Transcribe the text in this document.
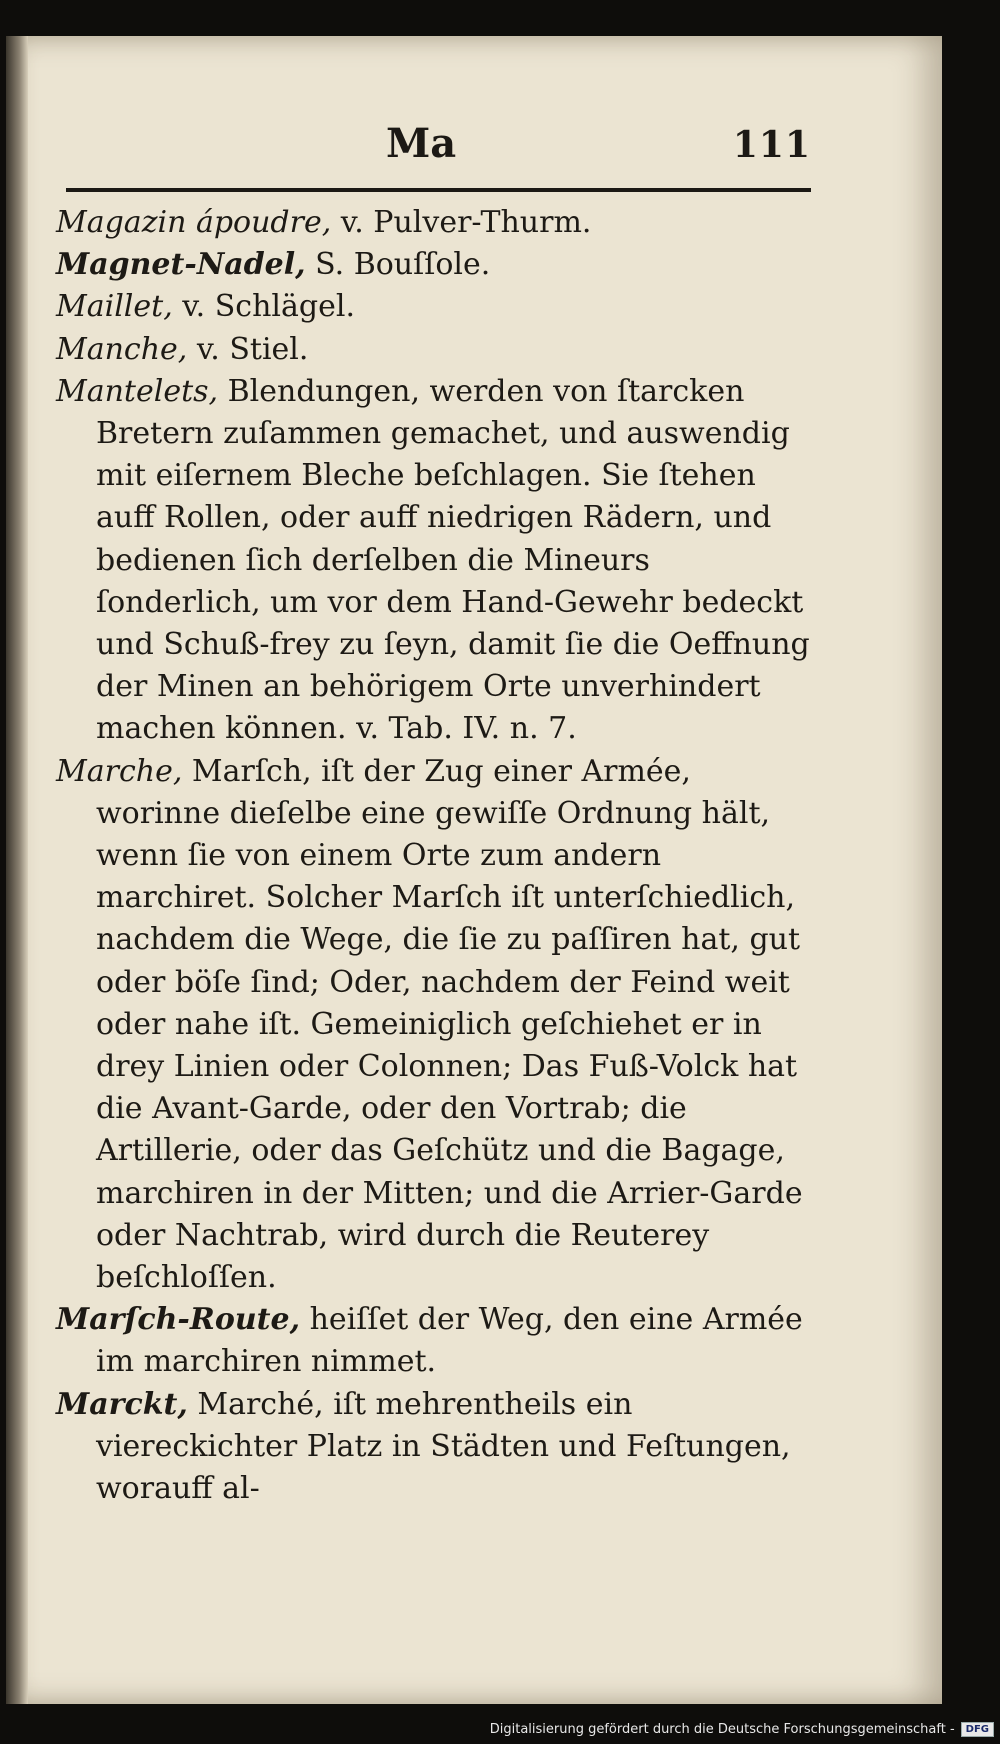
Ma	111

Magazin ápoudre, v. Pulver-Thurm.

Magnet-Nadel, S. Bouſſole.

Maillet, v. Schlägel.

Manche, v. Stiel.

Mantelets, Blendungen, werden von ſtarcken Bretern zuſammen gemachet, und auswendig mit eiſernem Bleche beſchlagen. Sie ſtehen auff Rollen, oder auff niedrigen Rädern, und bedienen ſich derſelben die Mineurs ſonderlich, um vor dem Hand-Gewehr bedeckt und Schuß-frey zu ſeyn, damit ſie die Oeffnung der Minen an behörigem Orte unverhindert machen können. v. Tab. IV. n. 7.

Marche, Marſch, iſt der Zug einer Armée, worinne dieſelbe eine gewiſſe Ordnung hält, wenn ſie von einem Orte zum andern marchiret. Solcher Marſch iſt unterſchiedlich, nachdem die Wege, die ſie zu paſſiren hat, gut oder böſe ſind; Oder, nachdem der Feind weit oder nahe iſt. Gemeiniglich geſchiehet er in drey Linien oder Colonnen; Das Fuß-Volck hat die Avant-Garde, oder den Vortrab; die Artillerie, oder das Geſchütz und die Bagage, marchiren in der Mitten; und die Arrier-Garde oder Nachtrab, wird durch die Reuterey beſchloſſen.

Marſch-Route, heiſſet der Weg, den eine Armée im marchiren nimmet.

Marckt, Marché, iſt mehrentheils ein viereckichter Platz in Städten und Feſtungen, worauff al-

Digitalisierung gefördert durch die Deutsche Forschungsgemeinschaft -	DFG
